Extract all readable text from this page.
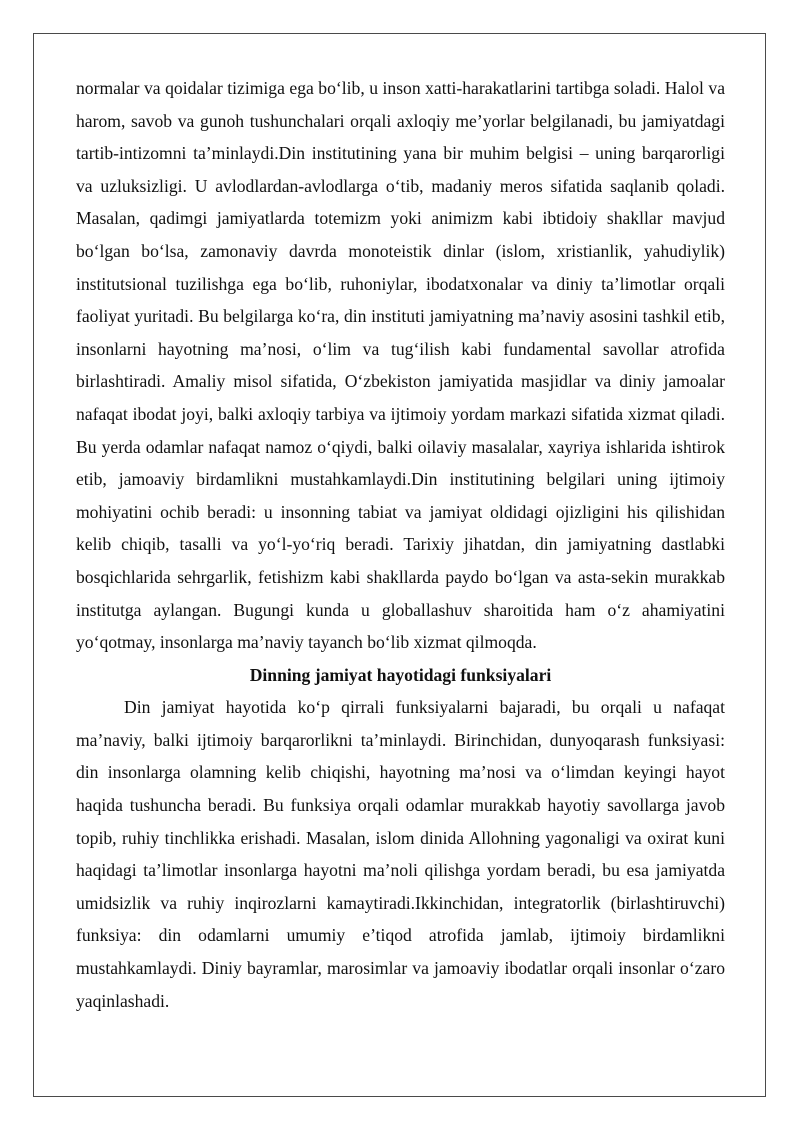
normalar va qoidalar tizimiga ega bo‘lib, u inson xatti-harakatlarini tartibga soladi. Halol va harom, savob va gunoh tushunchalari orqali axloqiy me’yorlar belgilanadi, bu jamiyatdagi tartib-intizomni ta’minlaydi.Din institutining yana bir muhim belgisi – uning barqarorligi va uzluksizligi. U avlodlardan-avlodlarga o‘tib, madaniy meros sifatida saqlanib qoladi. Masalan, qadimgi jamiyatlarda totemizm yoki animizm kabi ibtidoiy shakllar mavjud bo‘lgan bo‘lsa, zamonaviy davrda monoteistik dinlar (islom, xristianlik, yahudiylik) institutsional tuzilishga ega bo‘lib, ruhoniylar, ibodatxonalar va diniy ta’limotlar orqali faoliyat yuritadi. Bu belgilarga ko‘ra, din instituti jamiyatning ma’naviy asosini tashkil etib, insonlarni hayotning ma’nosi, o‘lim va tug‘ilish kabi fundamental savollar atrofida birlashtiradi. Amaliy misol sifatida, O‘zbekiston jamiyatida masjidlar va diniy jamoalar nafaqat ibodat joyi, balki axloqiy tarbiya va ijtimoiy yordam markazi sifatida xizmat qiladi. Bu yerda odamlar nafaqat namoz o‘qiydi, balki oilaviy masalalar, xayriya ishlarida ishtirok etib, jamoaviy birdamlikni mustahkamlaydi.Din institutining belgilari uning ijtimoiy mohiyatini ochib beradi: u insonning tabiat va jamiyat oldidagi ojizligini his qilishidan kelib chiqib, tasalli va yo‘l-yo‘riq beradi. Tarixiy jihatdan, din jamiyatning dastlabki bosqichlarida sehrgarlik, fetishizm kabi shakllarda paydo bo‘lgan va asta-sekin murakkab institutga aylangan. Bugungi kunda u globallashuv sharoitida ham o‘z ahamiyatini yo‘qotmay, insonlarga ma’naviy tayanch bo‘lib xizmat qilmoqda.

Dinning jamiyat hayotidagi funksiyalari

Din jamiyat hayotida ko‘p qirrali funksiyalarni bajaradi, bu orqali u nafaqat ma’naviy, balki ijtimoiy barqarorlikni ta’minlaydi. Birinchidan, dunyoqarash funksiyasi: din insonlarga olamning kelib chiqishi, hayotning ma’nosi va o‘limdan keyingi hayot haqida tushuncha beradi. Bu funksiya orqali odamlar murakkab hayotiy savollarga javob topib, ruhiy tinchlikka erishadi. Masalan, islom dinida Allohning yagonaligi va oxirat kuni haqidagi ta’limotlar insonlarga hayotni ma’noli qilishga yordam beradi, bu esa jamiyatda umidsizlik va ruhiy inqirozlarni kamaytiradi.Ikkinchidan, integratorlik (birlashtiruvchi) funksiya: din odamlarni umumiy e’tiqod atrofida jamlab, ijtimoiy birdamlikni mustahkamlaydi. Diniy bayramlar, marosimlar va jamoaviy ibodatlar orqali insonlar o‘zaro yaqinlashadi.
